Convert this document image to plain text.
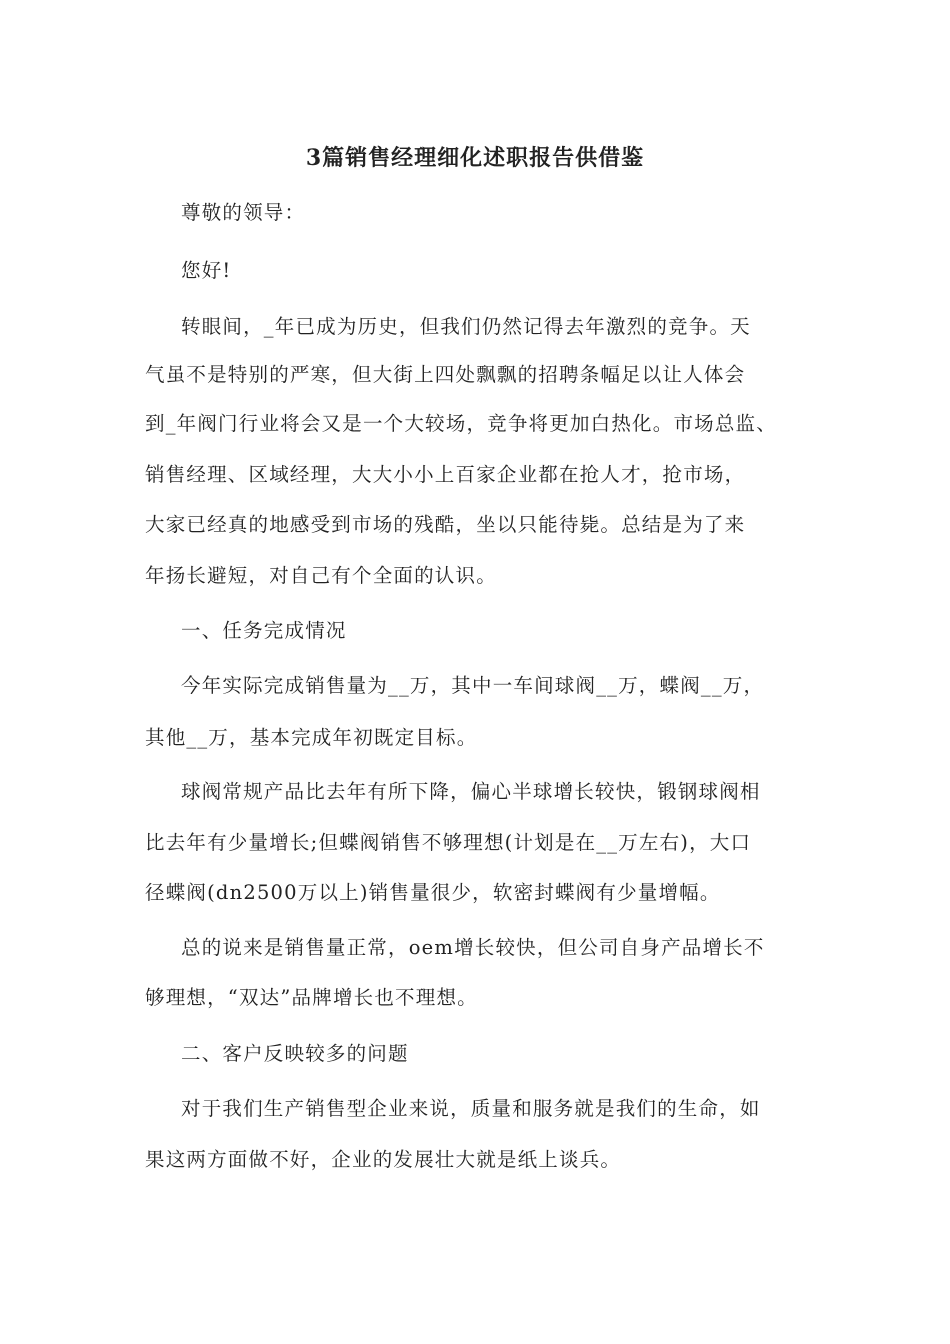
3篇销售经理细化述职报告供借鉴
尊敬的领导：
您好!
转眼间，_年已成为历史，但我们仍然记得去年激烈的竞争。天
气虽不是特别的严寒，但大街上四处飘飘的招聘条幅足以让人体会
到_年阀门行业将会又是一个大较场，竞争将更加白热化。市场总监、
销售经理、区域经理，大大小小上百家企业都在抢人才，抢市场，
大家已经真的地感受到市场的残酷，坐以只能待毙。总结是为了来
年扬长避短，对自己有个全面的认识。
一、任务完成情况
今年实际完成销售量为__万，其中一车间球阀__万，蝶阀__万，
其他__万，基本完成年初既定目标。
球阀常规产品比去年有所下降，偏心半球增长较快，锻钢球阀相
比去年有少量增长;但蝶阀销售不够理想(计划是在__万左右)，大口
径蝶阀(dn2500万以上)销售量很少，软密封蝶阀有少量增幅。
总的说来是销售量正常，oem增长较快，但公司自身产品增长不
够理想，“双达”品牌增长也不理想。
二、客户反映较多的问题
对于我们生产销售型企业来说，质量和服务就是我们的生命，如
果这两方面做不好，企业的发展壮大就是纸上谈兵。
